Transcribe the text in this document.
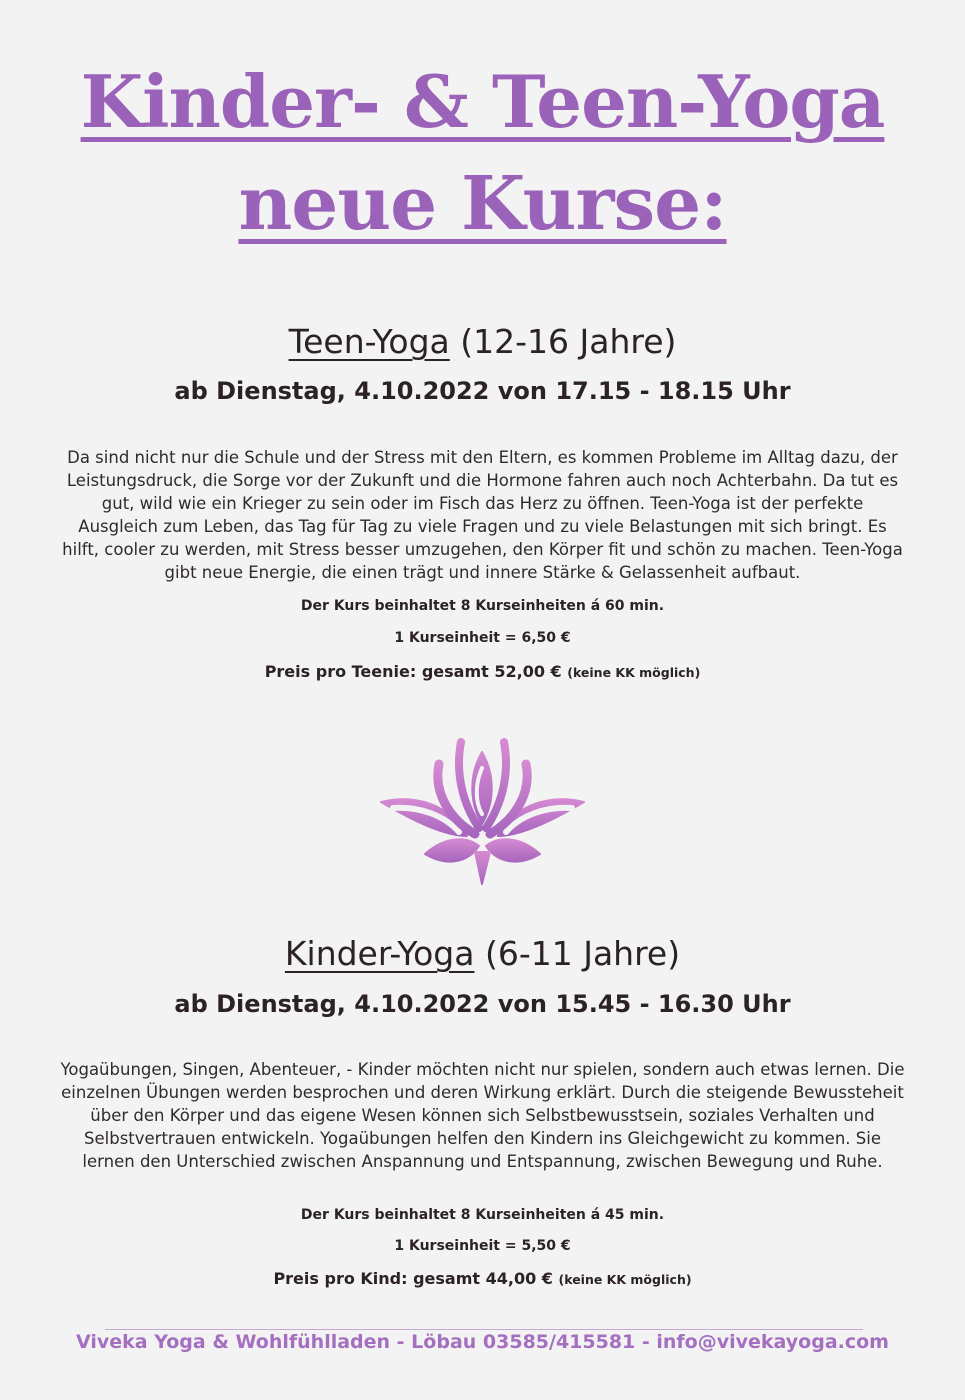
Kinder- & Teen-Yoga
neue Kurse:
Teen-Yoga (12-16 Jahre)
ab Dienstag, 4.10.2022 von 17.15 - 18.15 Uhr
Da sind nicht nur die Schule und der Stress mit den Eltern, es kommen Probleme im Alltag dazu, der Leistungsdruck, die Sorge vor der Zukunft und die Hormone fahren auch noch Achterbahn. Da tut es gut, wild wie ein Krieger zu sein oder im Fisch das Herz zu öffnen. Teen-Yoga ist der perfekte Ausgleich zum Leben, das Tag für Tag zu viele Fragen und zu viele Belastungen mit sich bringt. Es hilft, cooler zu werden, mit Stress besser umzugehen, den Körper fit und schön zu machen. Teen-Yoga gibt neue Energie, die einen trägt und innere Stärke & Gelassenheit aufbaut.
Der Kurs beinhaltet 8 Kurseinheiten á 60 min.
1 Kurseinheit = 6,50 €
Preis pro Teenie: gesamt 52,00 € (keine KK möglich)
Kinder-Yoga (6-11 Jahre)
ab Dienstag, 4.10.2022 von 15.45 - 16.30 Uhr
Yogaübungen, Singen, Abenteuer, - Kinder möchten nicht nur spielen, sondern auch etwas lernen. Die einzelnen Übungen werden besprochen und deren Wirkung erklärt. Durch die steigende Bewussteheit über den Körper und das eigene Wesen können sich Selbstbewusstsein, soziales Verhalten und Selbstvertrauen entwickeln. Yogaübungen helfen den Kindern ins Gleichgewicht zu kommen. Sie lernen den Unterschied zwischen Anspannung und Entspannung, zwischen Bewegung und Ruhe.
Der Kurs beinhaltet 8 Kurseinheiten á 45 min.
1 Kurseinheit = 5,50 €
Preis pro Kind: gesamt 44,00 € (keine KK möglich)
Viveka Yoga & Wohlfühlladen - Löbau 03585/415581 - info@vivekayoga.com
